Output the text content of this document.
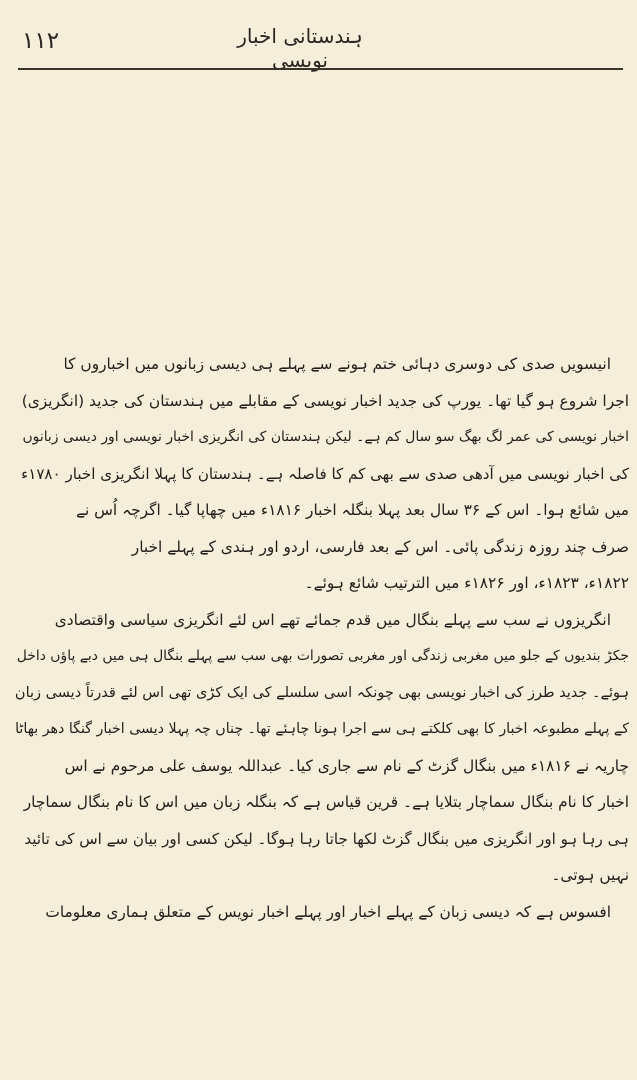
۱۱۲	ہندستانی اخبار نویسی
انیسویں صدی کی دوسری دہائی ختم ہونے سے پہلے ہی دیسی زبانوں میں اخباروں کا
اجرا شروع ہو گیا تھا۔ یورپ کی جدید اخبار نویسی کے مقابلے میں ہندستان کی جدید (انگریزی)
اخبار نویسی کی عمر لگ بھگ سو سال کم ہے۔ لیکن ہندستان کی انگریزی اخبار نویسی اور دیسی زبانوں
کی اخبار نویسی میں آدھی صدی سے بھی کم کا فاصلہ ہے۔ ہندستان کا پہلا انگریزی اخبار ۱۷۸۰ء
میں شائع ہوا۔ اس کے ۳۶ سال بعد پہلا بنگلہ اخبار ۱۸۱۶ء میں چھاپا گیا۔ اگرچہ اُس نے
صرف چند روزہ زندگی پائی۔ اس کے بعد فارسی، اردو اور ہندی کے پہلے اخبار
۱۸۲۲ء، ۱۸۲۳ء، اور ۱۸۲۶ء میں الترتیب شائع ہوئے۔
انگریزوں نے سب سے پہلے بنگال میں قدم جمائے تھے اس لئے انگریزی سیاسی واقتصادی
جکڑ بندیوں کے جلو میں مغربی زندگی اور مغربی تصورات بھی سب سے پہلے بنگال ہی میں دبے پاؤں داخل
ہوئے۔ جدید طرز کی اخبار نویسی بھی چونکہ اسی سلسلے کی ایک کڑی تھی اس لئے قدرتاً دیسی زبان
کے پہلے مطبوعہ اخبار کا بھی کلکتے ہی سے اجرا ہونا چاہئے تھا۔ چناں چہ پہلا دیسی اخبار گنگا دھر بھاٹا
چاریہ نے ۱۸۱۶ء میں بنگال گزٹ کے نام سے جاری کیا۔ عبداللہ یوسف علی مرحوم نے اس
اخبار کا نام بنگال سماچار بتلایا ہے۔ قرین قیاس ہے کہ بنگلہ زبان میں اس کا نام بنگال سماچار
ہی رہا ہو اور انگریزی میں بنگال گزٹ لکھا جاتا رہا ہوگا۔ لیکن کسی اور بیان سے اس کی تائید
نہیں ہوتی۔
افسوس ہے کہ دیسی زبان کے پہلے اخبار اور پہلے اخبار نویس کے متعلق ہماری معلومات
